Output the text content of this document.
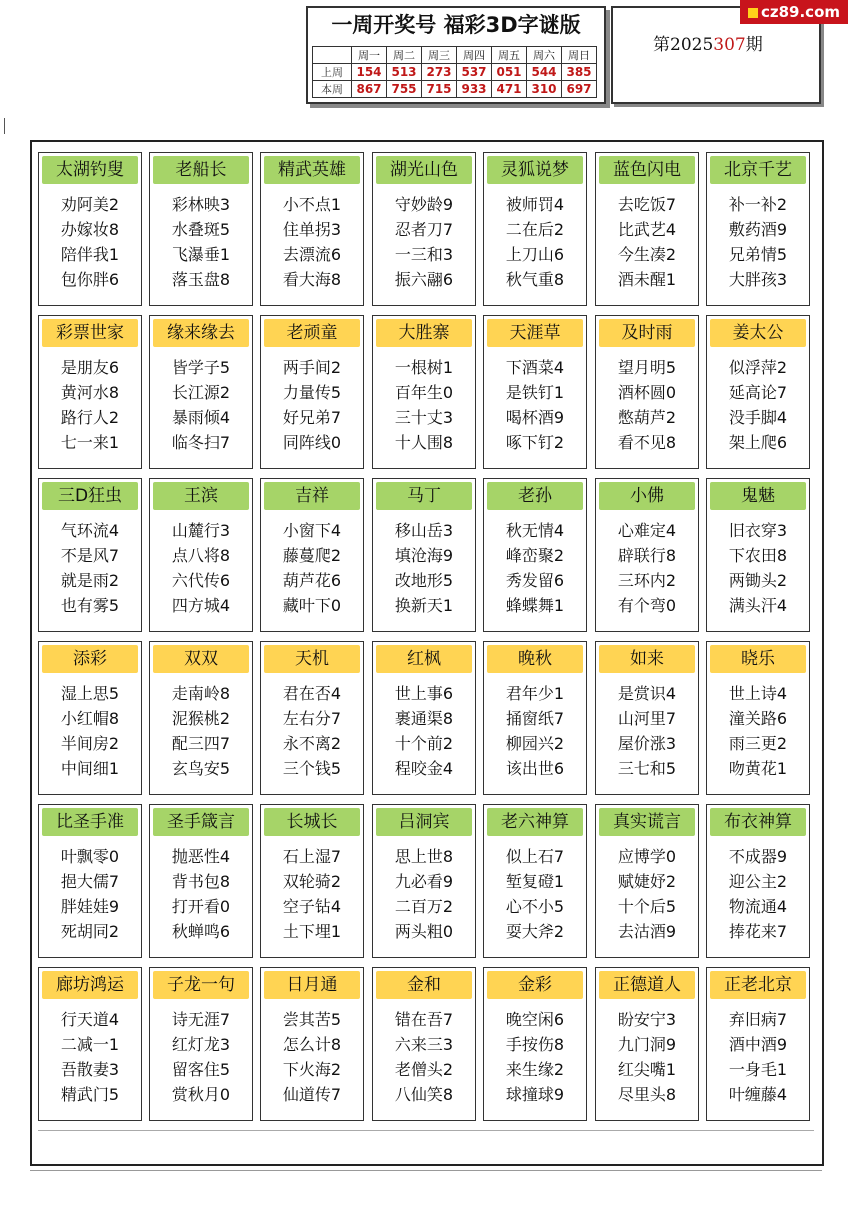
一周开奖号 福彩3D字谜版
	周一	周二	周三	周四	周五	周六	周日
上周	154	513	273	537	051	544	385
本周	867	755	715	933	471	310	697
第2025307期
cz89.com
太湖钓叟
劝阿美2
办嫁妆8
陪伴我1
包你胖6
老船长
彩林映3
水叠斑5
飞瀑垂1
落玉盘8
精武英雄
小不点1
住单拐3
去漂流6
看大海8
湖光山色
守妙龄9
忍者刀7
一三和3
振六翮6
灵狐说梦
被师罚4
二在后2
上刀山6
秋气重8
蓝色闪电
去吃饭7
比武艺4
今生凑2
酒未醒1
北京千艺
补一补2
敷药酒9
兄弟情5
大胖孩3
彩票世家
是朋友6
黄河水8
路行人2
七一来1
缘来缘去
皆学子5
长江源2
暴雨倾4
临冬扫7
老顽童
两手间2
力量传5
好兄弟7
同阵线0
大胜寨
一根树1
百年生0
三十丈3
十人围8
天涯草
下酒菜4
是铁钉1
喝杯酒9
啄下钉2
及时雨
望月明5
酒杯圆0
憋葫芦2
看不见8
姜太公
似浮萍2
延高论7
没手脚4
架上爬6
三D狂虫
气环流4
不是风7
就是雨2
也有雾5
王滨
山麓行3
点八将8
六代传6
四方城4
吉祥
小窗下4
藤蔓爬2
葫芦花6
藏叶下0
马丁
移山岳3
填沧海9
改地形5
换新天1
老孙
秋无情4
峰峦聚2
秀发留6
蜂蝶舞1
小佛
心难定4
辟联行8
三环内2
有个弯0
鬼魅
旧衣穿3
下农田8
两锄头2
满头汗4
添彩
湿上思5
小红帽8
半间房2
中间细1
双双
走南岭8
泥猴桃2
配三四7
玄鸟安5
天机
君在否4
左右分7
永不离2
三个钱5
红枫
世上事6
裹通渠8
十个前2
程咬金4
晚秋
君年少1
捅窗纸7
柳园兴2
该出世6
如来
是赏识4
山河里7
屋价涨3
三七和5
晓乐
世上诗4
潼关路6
雨三更2
吻黄花1
比圣手准
叶飘零0
挹大儒7
胖娃娃9
死胡同2
圣手箴言
抛恶性4
背书包8
打开看0
秋蝉鸣6
长城长
石上湿7
双轮骑2
空子钻4
土下埋1
吕洞宾
思上世8
九必看9
二百万2
两头粗0
老六神算
似上石7
堑复磴1
心不小5
耍大斧2
真实谎言
应博学0
赋婕妤2
十个后5
去沽酒9
布衣神算
不成器9
迎公主2
物流通4
捧花来7
廊坊鸿运
行天道4
二减一1
吾散妻3
精武门5
子龙一句
诗无涯7
红灯龙3
留客住5
赏秋月0
日月通
尝其苦5
怎么计8
下火海2
仙道传7
金和
错在吾7
六来三3
老僧头2
八仙笑8
金彩
晚空闲6
手按伤8
来生缘2
球撞球9
正德道人
盼安宁3
九门洞9
红尖嘴1
尽里头8
正老北京
弃旧病7
酒中酒9
一身毛1
叶缠藤4
